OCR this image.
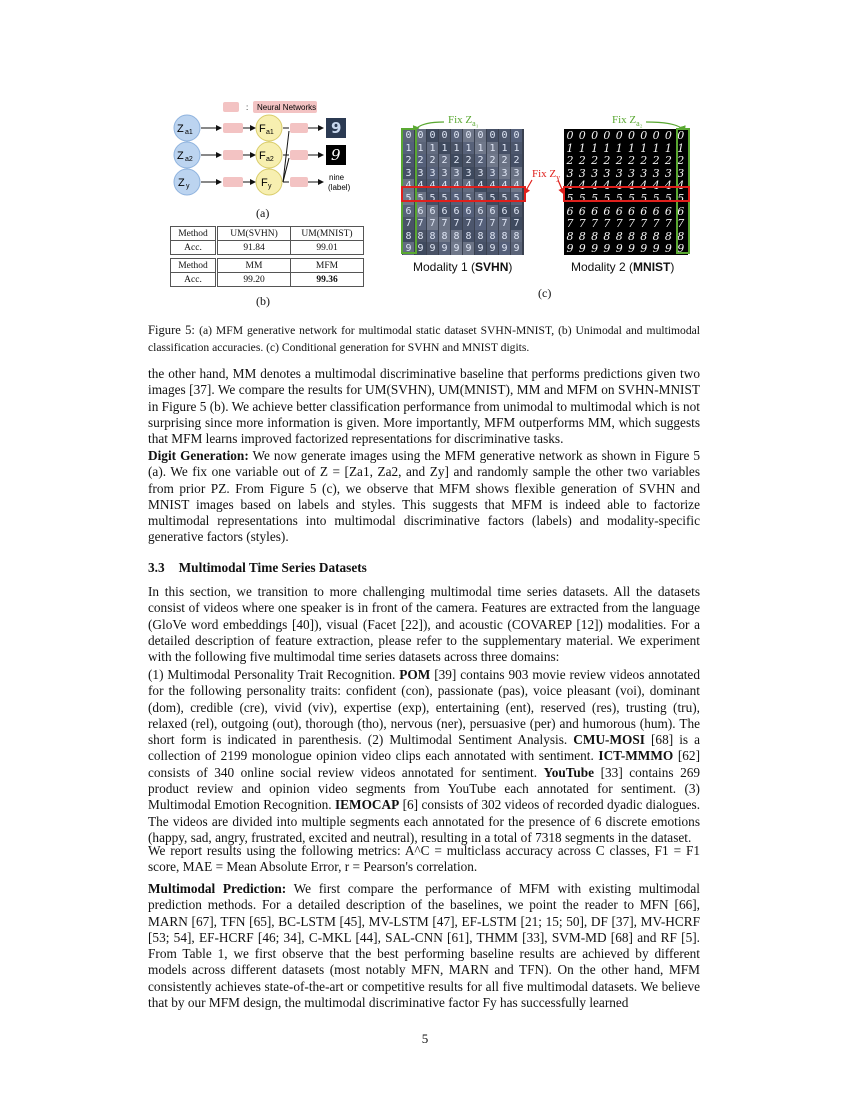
: Neural Networks
Z a1
Z a2
Z y
F a1
F a2
F y
9
9
nine
(label)
(a)
Method	UM(SVHN)	UM(MNIST)
Acc.	91.84	99.01
Method	MM	MFM
Acc.	99.20	99.36
(b)
Fix $Z_{a_1}$	Fix $Z_{a_2}$
Fix $Z_y$
0 0 0 0 0 0 0 0 0 0
1 1 1 1 1 1 1 1 1 1
2 2 2 2 2 2 2 2 2 2
3 3 3 3 3 3 3 3 3 3
4 4 4 4 4 4 4 4 4 4
5 5 5 5 5 5 5 5 5 5
6 6 6 6 6 6 6 6 6 6
7 7 7 7 7 7 7 7 7 7
8 8 8 8 8 8 8 8 8 8
9 9 9 9 9 9 9 9 9 9
0 0 0 0 0 0 0 0 0 0
1 1 1 1 1 1 1 1 1 1
2 2 2 2 2 2 2 2 2 2
3 3 3 3 3 3 3 3 3 3
4 4 4 4 4 4 4 4 4 4
5 5 5 5 5 5 5 5 5 5
6 6 6 6 6 6 6 6 6 6
7 7 7 7 7 7 7 7 7 7
8 8 8 8 8 8 8 8 8 8
9 9 9 9 9 9 9 9 9 9
Modality 1 (SVHN)	Modality 2 (MNIST)
(c)
Figure 5: (a) MFM generative network for multimodal static dataset SVHN-MNIST, (b) Unimodal and multimodal classification accuracies. (c) Conditional generation for SVHN and MNIST digits.
the other hand, MM denotes a multimodal discriminative baseline that performs predictions given two images [37]. We compare the results for UM(SVHN), UM(MNIST), MM and MFM on SVHN-MNIST in Figure 5 (b). We achieve better classification performance from unimodal to multimodal which is not surprising since more information is given. More importantly, MFM outperforms MM, which suggests that MFM learns improved factorized representations for discriminative tasks.
Digit Generation: We now generate images using the MFM generative network as shown in Figure 5 (a). We fix one variable out of Z = [Za1, Za2, and Zy] and randomly sample the other two variables from prior PZ. From Figure 5 (c), we observe that MFM shows flexible generation of SVHN and MNIST images based on labels and styles. This suggests that MFM is indeed able to factorize multimodal representations into multimodal discriminative factors (labels) and modality-specific generative factors (styles).
3.3 Multimodal Time Series Datasets
In this section, we transition to more challenging multimodal time series datasets. All the datasets consist of videos where one speaker is in front of the camera. Features are extracted from the language (GloVe word embeddings [40]), visual (Facet [22]), and acoustic (COVAREP [12]) modalities. For a detailed description of feature extraction, please refer to the supplementary material. We experiment with the following five multimodal time series datasets across three domains:
(1) Multimodal Personality Trait Recognition. POM [39] contains 903 movie review videos annotated for the following personality traits: confident (con), passionate (pas), voice pleasant (voi), dominant (dom), credible (cre), vivid (viv), expertise (exp), entertaining (ent), reserved (res), trusting (tru), relaxed (rel), outgoing (out), thorough (tho), nervous (ner), persuasive (per) and humorous (hum). The short form is indicated in parenthesis. (2) Multimodal Sentiment Analysis. CMU-MOSI [68] is a collection of 2199 monologue opinion video clips each annotated with sentiment. ICT-MMMO [62] consists of 340 online social review videos annotated for sentiment. YouTube [33] contains 269 product review and opinion video segments from YouTube each annotated for sentiment. (3) Multimodal Emotion Recognition. IEMOCAP [6] consists of 302 videos of recorded dyadic dialogues. The videos are divided into multiple segments each annotated for the presence of 6 discrete emotions (happy, sad, angry, frustrated, excited and neutral), resulting in a total of 7318 segments in the dataset.
We report results using the following metrics: A^C = multiclass accuracy across C classes, F1 = F1 score, MAE = Mean Absolute Error, r = Pearson's correlation.
Multimodal Prediction: We first compare the performance of MFM with existing multimodal prediction methods. For a detailed description of the baselines, we point the reader to MFN [66], MARN [67], TFN [65], BC-LSTM [45], MV-LSTM [47], EF-LSTM [21; 15; 50], DF [37], MV-HCRF [53; 54], EF-HCRF [46; 34], C-MKL [44], SAL-CNN [61], THMM [33], SVM-MD [68] and RF [5]. From Table 1, we first observe that the best performing baseline results are achieved by different models across different datasets (most notably MFN, MARN and TFN). On the other hand, MFM consistently achieves state-of-the-art or competitive results for all five multimodal datasets. We believe that by our MFM design, the multimodal discriminative factor Fy has successfully learned
5
